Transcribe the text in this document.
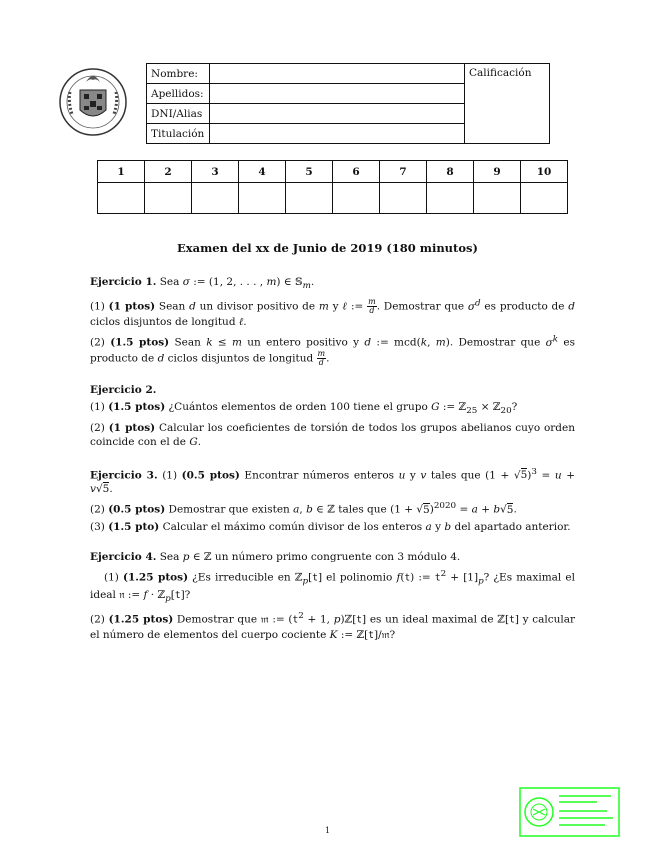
Nombre:		Calificación
Apellidos:		
DNI/Alias		
Titulación		
1	2	3	4	5	6	7	8	9	10

Examen del xx de Junio de 2019 (180 minutos)

Ejercicio 1. Sea σ := (1, 2, . . . , m) ∈ 𝕊$_m$.

(1) (1 ptos) Sean d un divisor positivo de m y ℓ := $\frac{m}{d}$ . Demostrar que $\sigma^d$ es producto de d ciclos disjuntos de longitud ℓ.

(2) (1.5 ptos) Sean k ≤ m un entero positivo y d := mcd(k, m). Demostrar que $\sigma^k$ es producto de d ciclos disjuntos de longitud $\frac{m}{d}$ .

Ejercicio 2.

(1) (1.5 ptos) ¿Cuántos elementos de orden 100 tiene el grupo G := ℤ$_{25}$ × ℤ$_{20}$?

(2) (1 ptos) Calcular los coeficientes de torsión de todos los grupos abelianos cuyo orden coincide con el de G.

Ejercicio 3. (1) (0.5 ptos) Encontrar números enteros u y v tales que $(1 + √5)^3 = u + v√5$.

(2) (0.5 ptos) Demostrar que existen a, b ∈ ℤ tales que $(1 + √5)^{2020} = a + b√5$.

(3) (1.5 pto) Calcular el máximo común divisor de los enteros a y b del apartado anterior.

Ejercicio 4. Sea p ∈ ℤ un número primo congruente con 3 módulo 4.

(1) (1.25 ptos) ¿Es irreducible en ℤ$_p$[t] el polinomio f(t) := $t^2 + [1]_p$? ¿Es maximal el ideal 𝔫 := f · ℤ$_p$[t]?

(2) (1.25 ptos) Demostrar que 𝔪 := ($t^2 + 1$, p)ℤ[t] es un ideal maximal de ℤ[t] y calcular el número de elementos del cuerpo cociente K := ℤ[t]/𝔪?

1
